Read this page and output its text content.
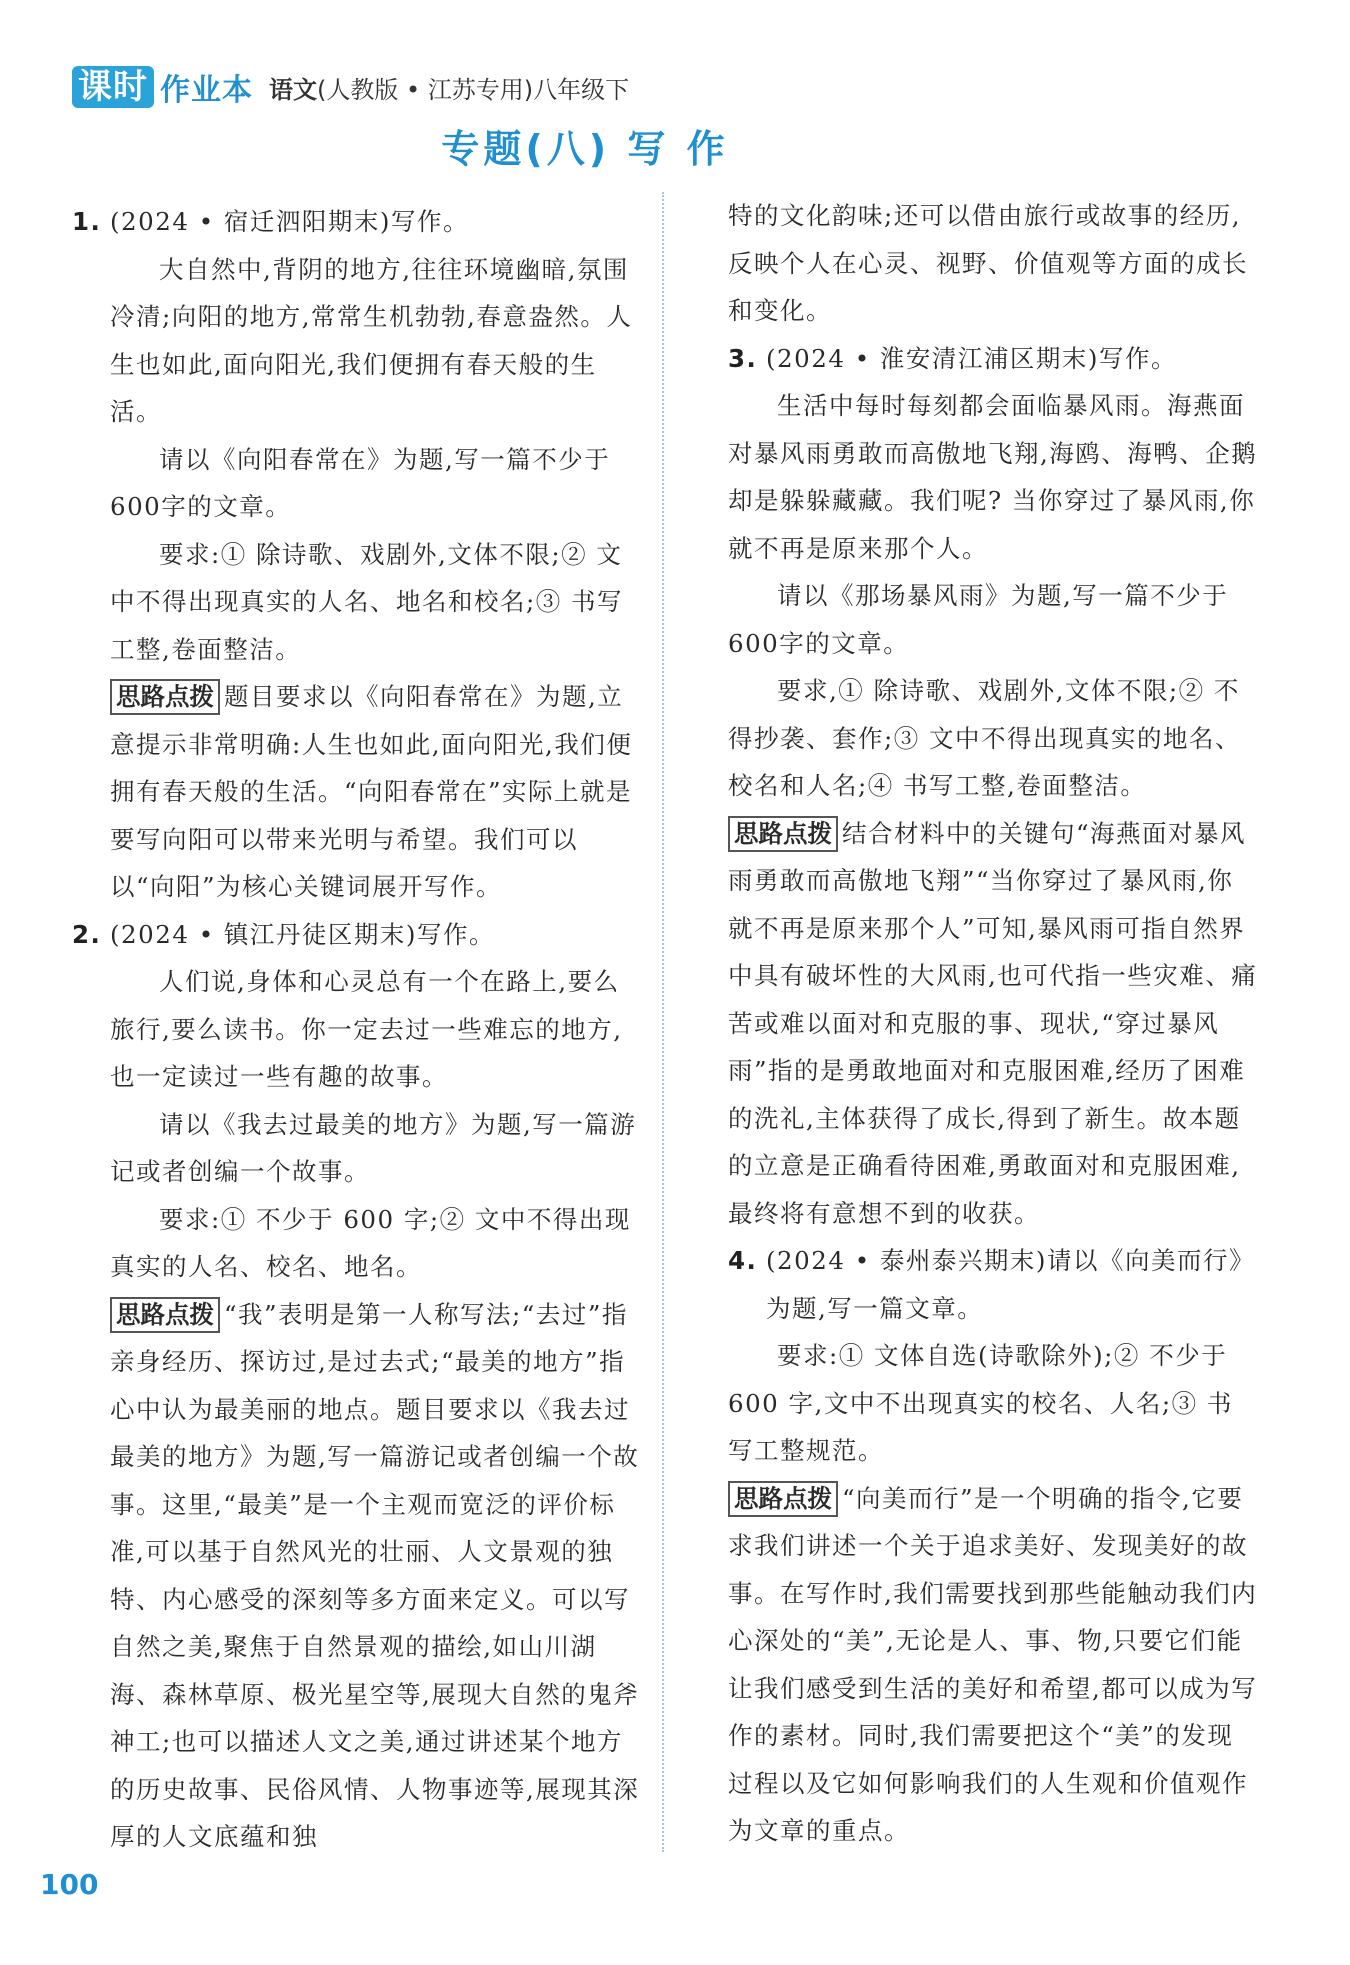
课时 作业本 语文(人教版 • 江苏专用)八年级下
专题(八) 写 作
1. (2024 • 宿迁泗阳期末)写作。

大自然中,背阴的地方,往往环境幽暗,氛围冷清;向阳的地方,常常生机勃勃,春意盎然。人生也如此,面向阳光,我们便拥有春天般的生活。

请以《向阳春常在》为题,写一篇不少于600字的文章。

要求:① 除诗歌、戏剧外,文体不限;② 文中不得出现真实的人名、地名和校名;③ 书写工整,卷面整洁。

思路点拨 题目要求以《向阳春常在》为题,立意提示非常明确:人生也如此,面向阳光,我们便拥有春天般的生活。“向阳春常在”实际上就是要写向阳可以带来光明与希望。我们可以以“向阳”为核心关键词展开写作。

2. (2024 • 镇江丹徒区期末)写作。

人们说,身体和心灵总有一个在路上,要么旅行,要么读书。你一定去过一些难忘的地方,也一定读过一些有趣的故事。

请以《我去过最美的地方》为题,写一篇游记或者创编一个故事。

要求:① 不少于 600 字;② 文中不得出现真实的人名、校名、地名。

思路点拨 “我”表明是第一人称写法;“去过”指亲身经历、探访过,是过去式;“最美的地方”指心中认为最美丽的地点。题目要求以《我去过最美的地方》为题,写一篇游记或者创编一个故事。这里,“最美”是一个主观而宽泛的评价标准,可以基于自然风光的壮丽、人文景观的独特、内心感受的深刻等多方面来定义。可以写自然之美,聚焦于自然景观的描绘,如山川湖海、森林草原、极光星空等,展现大自然的鬼斧神工;也可以描述人文之美,通过讲述某个地方的历史故事、民俗风情、人物事迹等,展现其深厚的人文底蕴和独

特的文化韵味;还可以借由旅行或故事的经历,反映个人在心灵、视野、价值观等方面的成长和变化。

3. (2024 • 淮安清江浦区期末)写作。

生活中每时每刻都会面临暴风雨。海燕面对暴风雨勇敢而高傲地飞翔,海鸥、海鸭、企鹅却是躲躲藏藏。我们呢? 当你穿过了暴风雨,你就不再是原来那个人。

请以《那场暴风雨》为题,写一篇不少于600字的文章。

要求,① 除诗歌、戏剧外,文体不限;② 不得抄袭、套作;③ 文中不得出现真实的地名、校名和人名;④ 书写工整,卷面整洁。

思路点拨 结合材料中的关键句“海燕面对暴风雨勇敢而高傲地飞翔”“当你穿过了暴风雨,你就不再是原来那个人”可知,暴风雨可指自然界中具有破坏性的大风雨,也可代指一些灾难、痛苦或难以面对和克服的事、现状,“穿过暴风雨”指的是勇敢地面对和克服困难,经历了困难的洗礼,主体获得了成长,得到了新生。故本题的立意是正确看待困难,勇敢面对和克服困难,最终将有意想不到的收获。

4. (2024 • 泰州泰兴期末)请以《向美而行》为题,写一篇文章。

要求:① 文体自选(诗歌除外);② 不少于 600 字,文中不出现真实的校名、人名;③ 书写工整规范。

思路点拨 “向美而行”是一个明确的指令,它要求我们讲述一个关于追求美好、发现美好的故事。在写作时,我们需要找到那些能触动我们内心深处的“美”,无论是人、事、物,只要它们能让我们感受到生活的美好和希望,都可以成为写作的素材。同时,我们需要把这个“美”的发现过程以及它如何影响我们的人生观和价值观作为文章的重点。

100
